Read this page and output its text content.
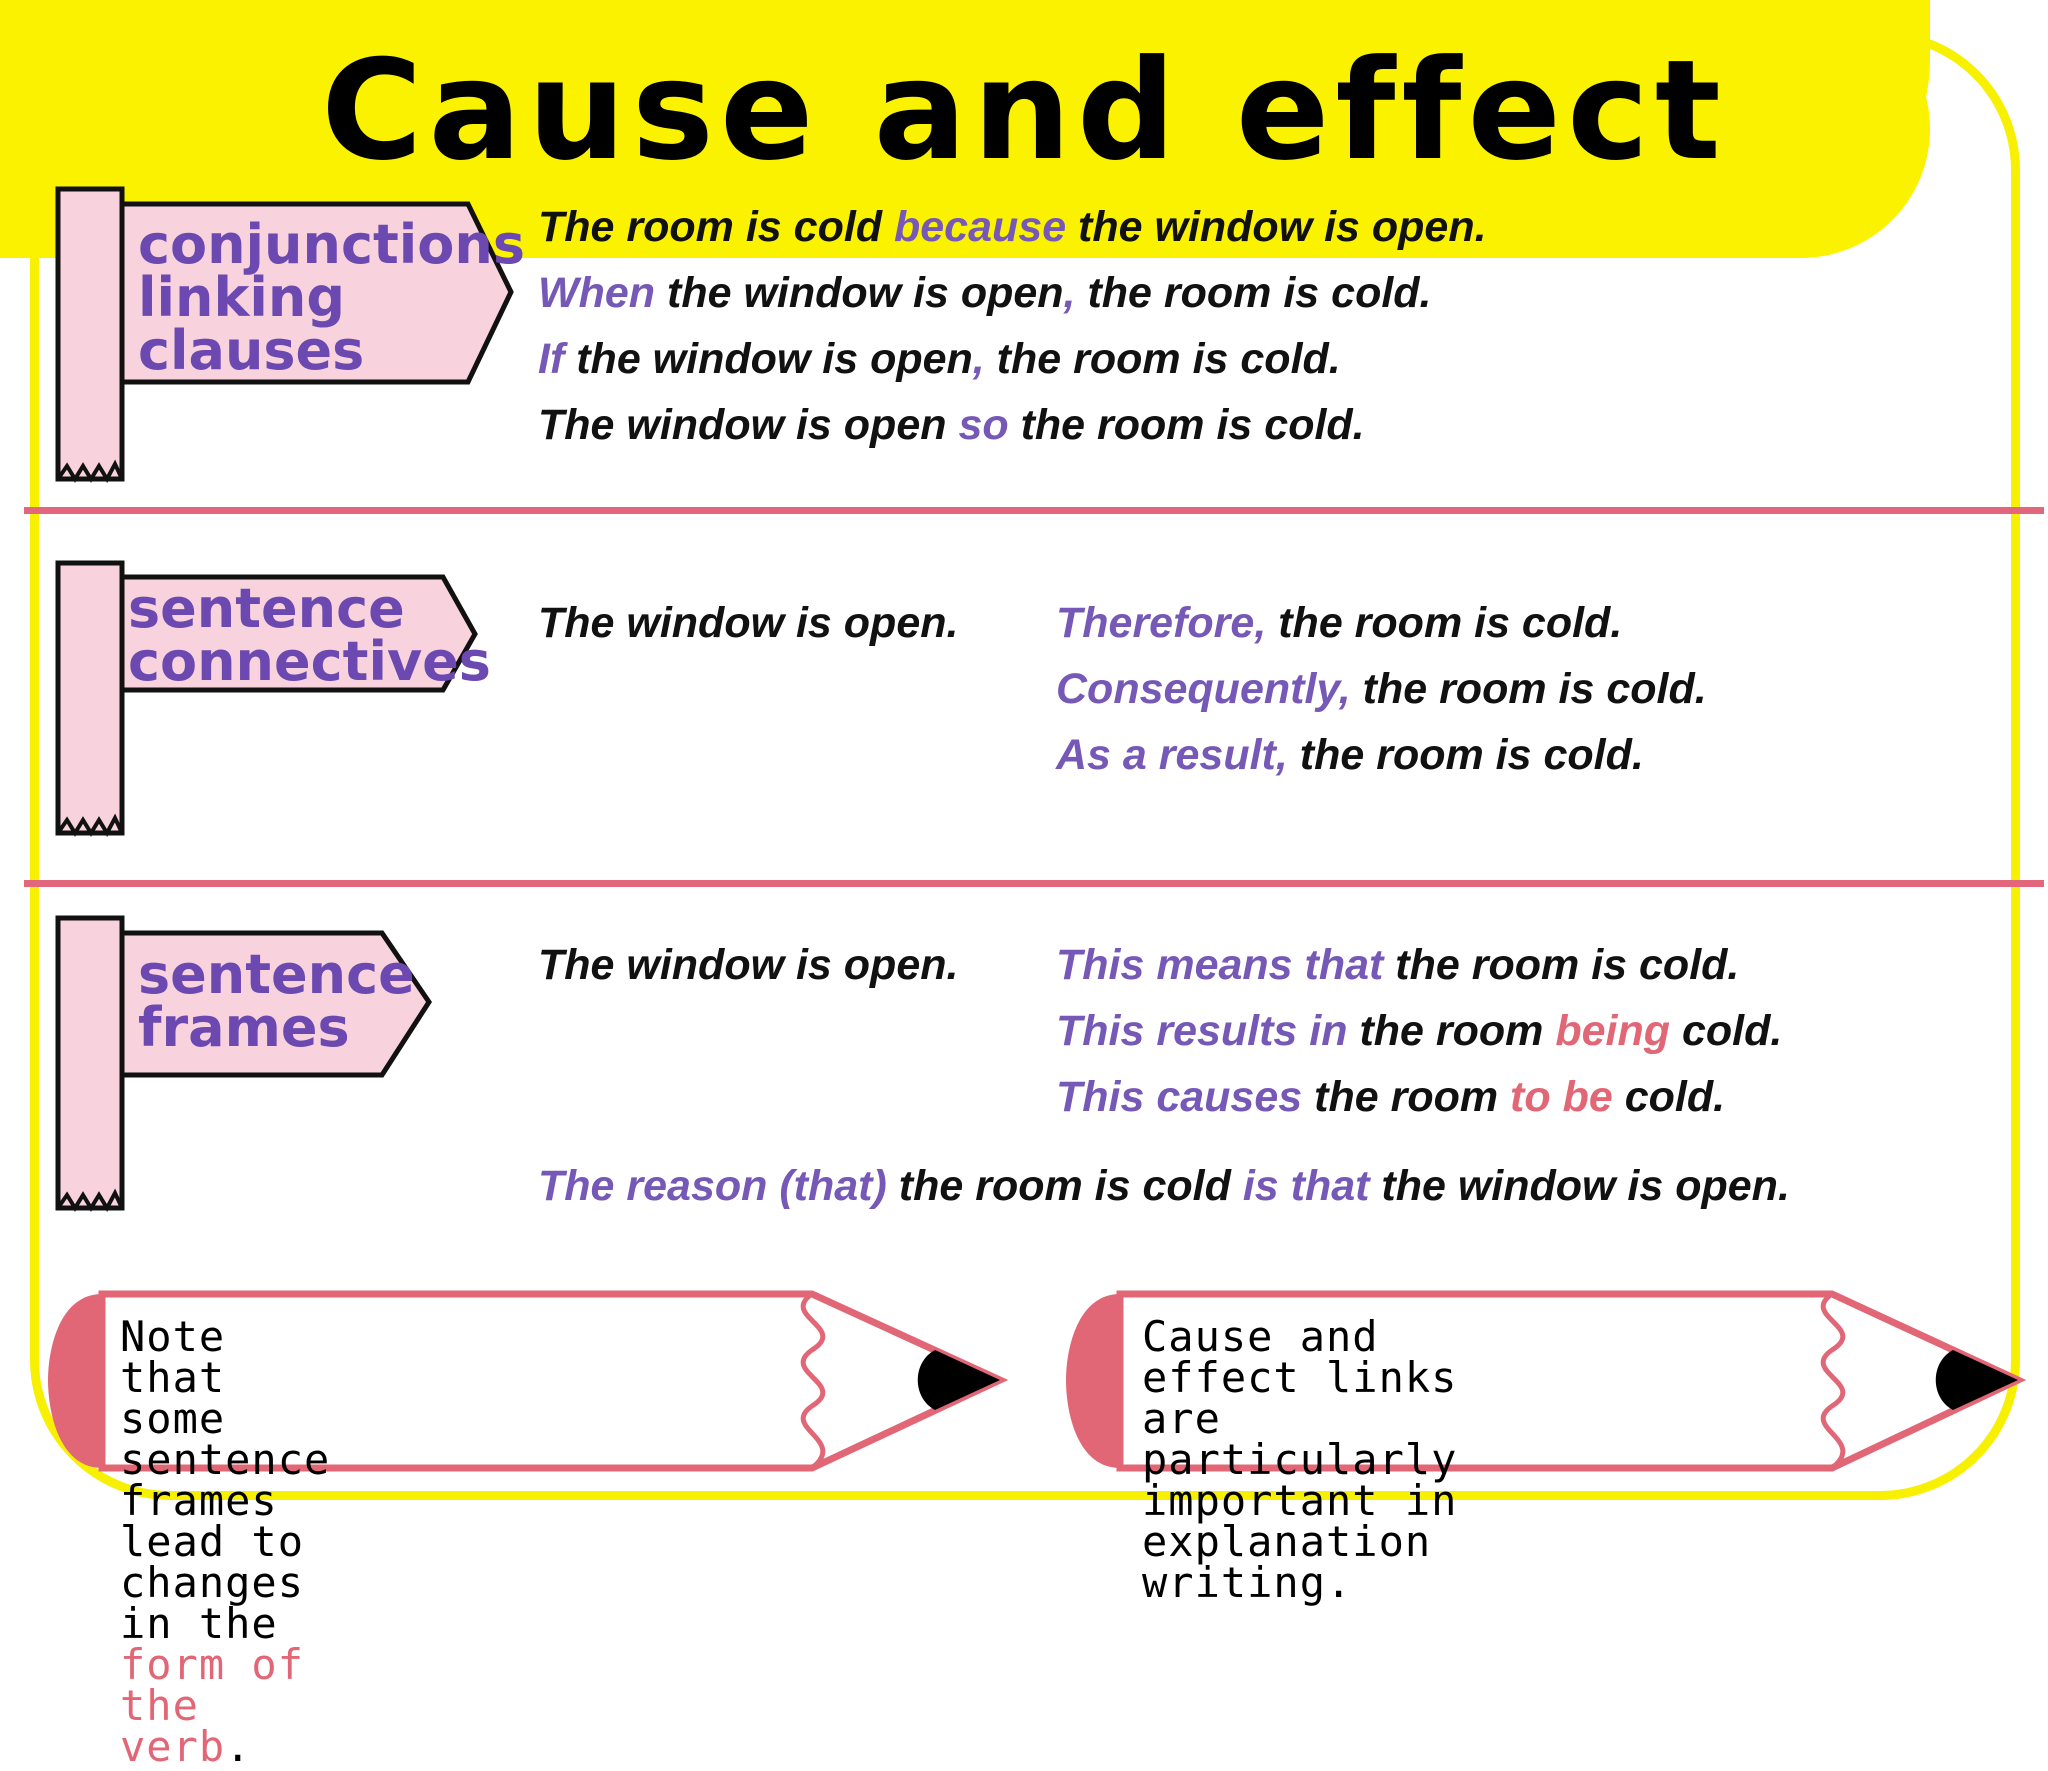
Cause and effect
conjunctions
linking
clauses
sentence
connectives
sentence
frames
The room is cold because the window is open.
When the window is open, the room is cold.
If the window is open, the room is cold.
The window is open so the room is cold.
The window is open. Therefore, the room is cold.
Consequently, the room is cold.
As a result, the room is cold.
The window is open. This means that the room is cold.
This results in the room being cold.
This causes the room to be cold.
The reason (that) the room is cold is that the window is open.
Note that some sentence
frames lead to changes
in the form of the verb.
Cause and effect links are
particularly important in
explanation writing.
